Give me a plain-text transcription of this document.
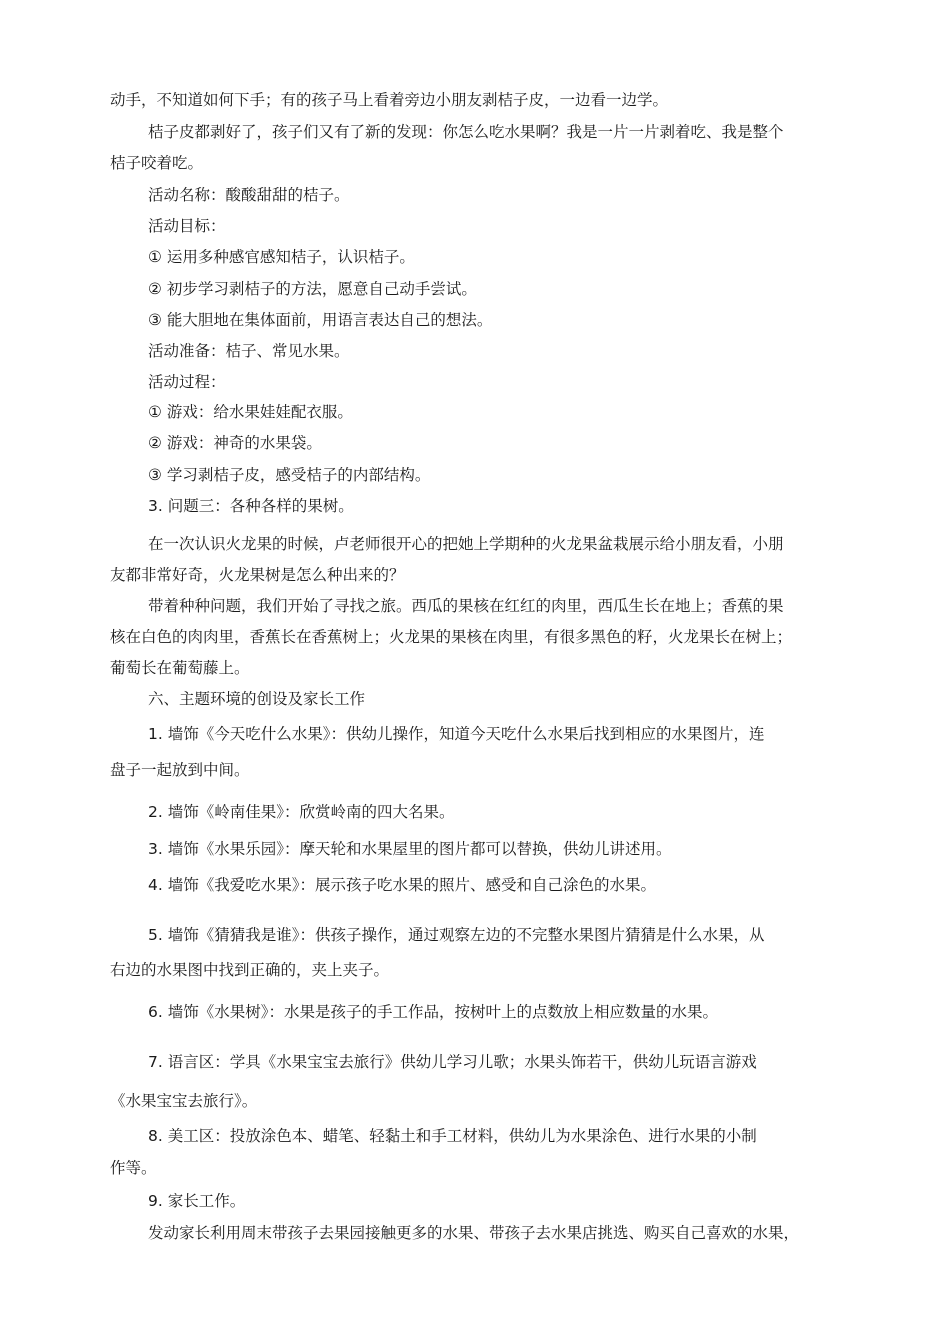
动手，不知道如何下手；有的孩子马上看着旁边小朋友剥桔子皮，一边看一边学。
桔子皮都剥好了，孩子们又有了新的发现：你怎么吃水果啊？我是一片一片剥着吃、我是整个
桔子咬着吃。
活动名称：酸酸甜甜的桔子。
活动目标：
① 运用多种感官感知桔子，认识桔子。
② 初步学习剥桔子的方法，愿意自己动手尝试。
③ 能大胆地在集体面前，用语言表达自己的想法。
活动准备：桔子、常见水果。
活动过程：
① 游戏：给水果娃娃配衣服。
② 游戏：神奇的水果袋。
③ 学习剥桔子皮，感受桔子的内部结构。
3. 问题三：各种各样的果树。
在一次认识火龙果的时候，卢老师很开心的把她上学期种的火龙果盆栽展示给小朋友看，小朋
友都非常好奇，火龙果树是怎么种出来的？
带着种种问题，我们开始了寻找之旅。西瓜的果核在红红的肉里，西瓜生长在地上；香蕉的果
核在白色的肉肉里，香蕉长在香蕉树上；火龙果的果核在肉里，有很多黑色的籽，火龙果长在树上；
葡萄长在葡萄藤上。
六、主题环境的创设及家长工作
1. 墙饰《今天吃什么水果》：供幼儿操作，知道今天吃什么水果后找到相应的水果图片，连
盘子一起放到中间。
2. 墙饰《岭南佳果》：欣赏岭南的四大名果。
3. 墙饰《水果乐园》：摩天轮和水果屋里的图片都可以替换，供幼儿讲述用。
4. 墙饰《我爱吃水果》：展示孩子吃水果的照片、感受和自己涂色的水果。
5. 墙饰《猜猜我是谁》：供孩子操作，通过观察左边的不完整水果图片猜猜是什么水果，从
右边的水果图中找到正确的，夹上夹子。
6. 墙饰《水果树》：水果是孩子的手工作品，按树叶上的点数放上相应数量的水果。
7. 语言区：学具《水果宝宝去旅行》供幼儿学习儿歌；水果头饰若干，供幼儿玩语言游戏
《水果宝宝去旅行》。
8. 美工区：投放涂色本、蜡笔、轻黏土和手工材料，供幼儿为水果涂色、进行水果的小制
作等。
9. 家长工作。
发动家长利用周末带孩子去果园接触更多的水果、带孩子去水果店挑选、购买自己喜欢的水果，
